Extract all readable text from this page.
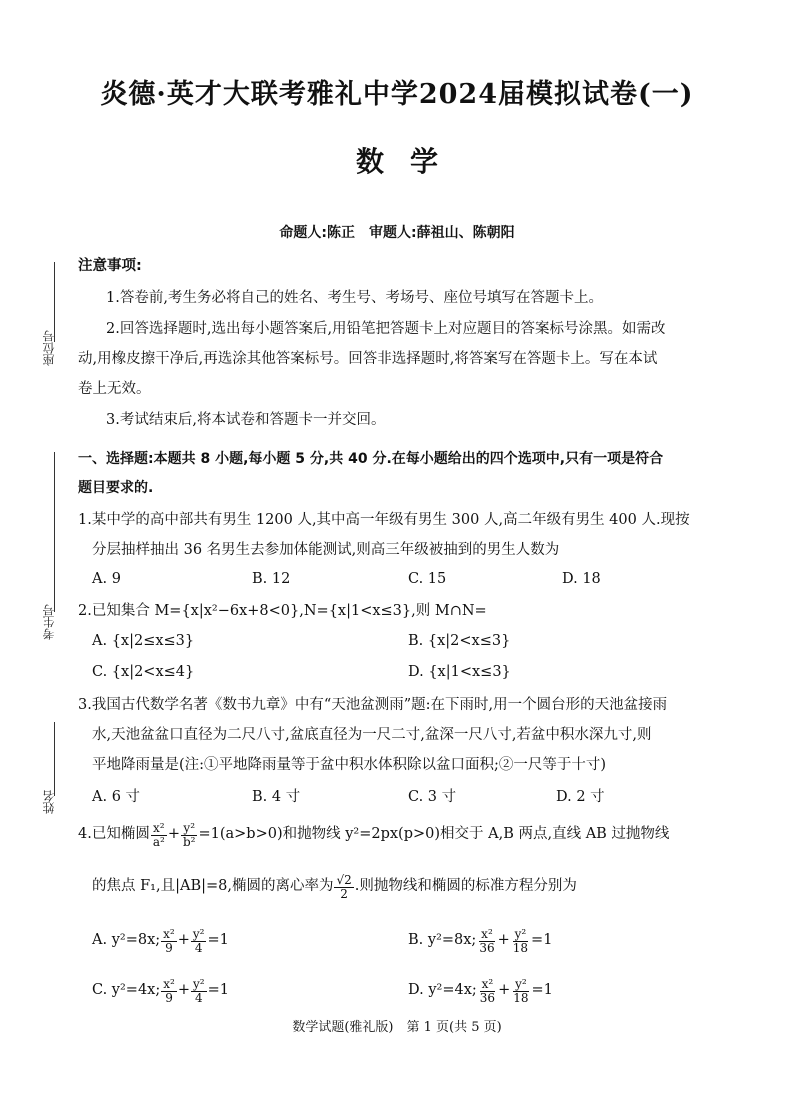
炎德·英才大联考雅礼中学2024届模拟试卷(一)
数学
命题人:陈正　审题人:薛祖山、陈朝阳
座位号
考生号
姓名
注意事项:
1.答卷前,考生务必将自己的姓名、考生号、考场号、座位号填写在答题卡上。
2.回答选择题时,选出每小题答案后,用铅笔把答题卡上对应题目的答案标号涂黑。如需改
动,用橡皮擦干净后,再选涂其他答案标号。回答非选择题时,将答案写在答题卡上。写在本试
卷上无效。
3.考试结束后,将本试卷和答题卡一并交回。
一、选择题:本题共 8 小题,每小题 5 分,共 40 分.在每小题给出的四个选项中,只有一项是符合
题目要求的.
1.某中学的高中部共有男生 1200 人,其中高一年级有男生 300 人,高二年级有男生 400 人.现按
分层抽样抽出 36 名男生去参加体能测试,则高三年级被抽到的男生人数为
A. 9	B. 12	C. 15	D. 18
2.已知集合 M={x|x²−6x+8<0},N={x|1<x≤3},则 M∩N=
A. {x|2≤x≤3}	B. {x|2<x≤3}
C. {x|2<x≤4}	D. {x|1<x≤3}
3.我国古代数学名著《数书九章》中有“天池盆测雨”题:在下雨时,用一个圆台形的天池盆接雨
水,天池盆盆口直径为二尺八寸,盆底直径为一尺二寸,盆深一尺八寸,若盆中积水深九寸,则
平地降雨量是(注:①平地降雨量等于盆中积水体积除以盆口面积;②一尺等于十寸)
A. 6 寸	B. 4 寸	C. 3 寸	D. 2 寸
4.已知椭圆 $\frac{\text{x²}}{\text{a²}} + \frac{\text{y²}}{\text{b²}} =1(a>b>0)$和抛物线 y²=2px(p>0)相交于 A,B 两点,直线 AB 过抛物线
的焦点 F₁,且|AB|=8,椭圆的离心率为 $\frac{√2}{2}$ .则抛物线和椭圆的标准方程分别为
A. y²=8x; $\frac{\text{x²}}{9} + \frac{\text{y²}}{4} =1$	B. y²=8x; $\frac{\text{x²}}{36} + \frac{\text{y²}}{18} =1$
C. y²=4x; $\frac{\text{x²}}{9} + \frac{\text{y²}}{4} =1$	D. y²=4x; $\frac{\text{x²}}{36} + \frac{\text{y²}}{18} =1$
数学试题(雅礼版)　第 1 页(共 5 页)
